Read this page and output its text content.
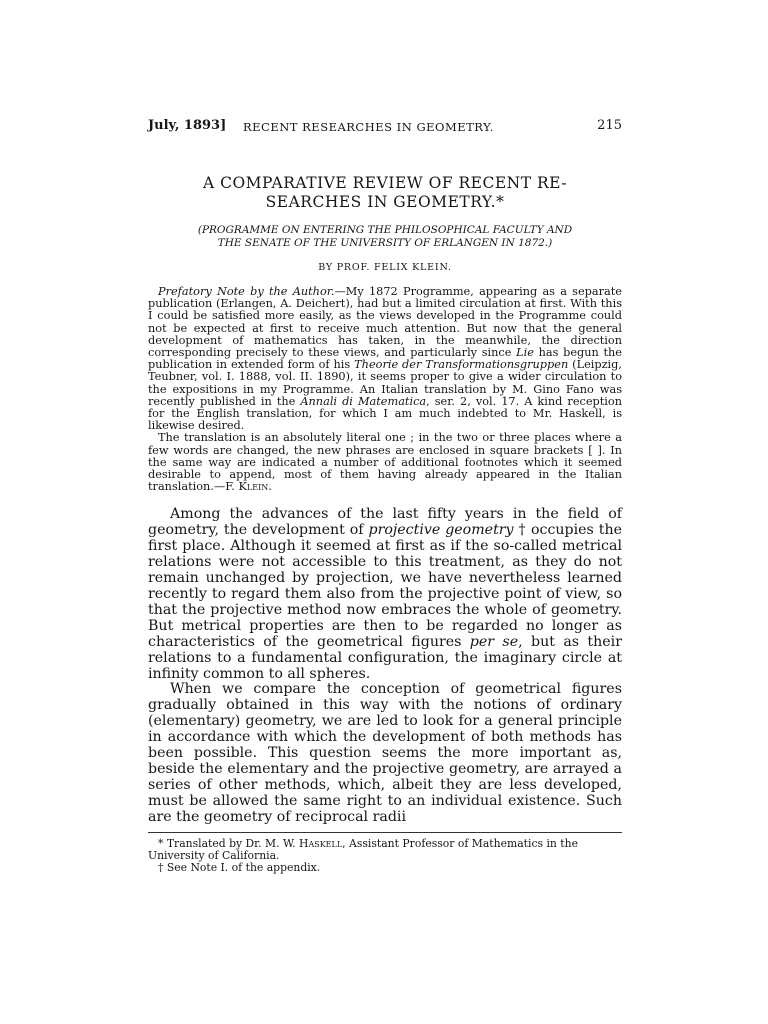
July, 1893] RECENT RESEARCHES IN GEOMETRY.	215
A COMPARATIVE REVIEW OF RECENT RE-
SEARCHES IN GEOMETRY.*
(PROGRAMME ON ENTERING THE PHILOSOPHICAL FACULTY AND
THE SENATE OF THE UNIVERSITY OF ERLANGEN IN 1872.)
BY PROF. FELIX KLEIN.

Prefatory Note by the Author.—My 1872 Programme, appearing as a separate publication (Erlangen, A. Deichert), had but a limited circulation at first. With this I could be satisfied more easily, as the views developed in the Programme could not be expected at first to receive much attention. But now that the general development of mathematics has taken, in the meanwhile, the direction corresponding precisely to these views, and particularly since Lie has begun the publication in extended form of his Theorie der Transformationsgruppen (Leipzig, Teubner, vol. I. 1888, vol. II. 1890), it seems proper to give a wider circulation to the expositions in my Programme. An Italian translation by M. Gino Fano was recently published in the Annali di Matematica, ser. 2, vol. 17. A kind reception for the English translation, for which I am much indebted to Mr. Haskell, is likewise desired.

The translation is an absolutely literal one ; in the two or three places where a few words are changed, the new phrases are enclosed in square brackets [ ]. In the same way are indicated a number of additional footnotes which it seemed desirable to append, most of them having already appeared in the Italian translation.—F. Klein.

Among the advances of the last fifty years in the field of geometry, the development of projective geometry † occupies the first place. Although it seemed at first as if the so-called metrical relations were not accessible to this treatment, as they do not remain unchanged by projection, we have nevertheless learned recently to regard them also from the projective point of view, so that the projective method now embraces the whole of geometry. But metrical properties are then to be regarded no longer as characteristics of the geometrical figures per se, but as their relations to a fundamental configuration, the imaginary circle at infinity common to all spheres.

When we compare the conception of geometrical figures gradually obtained in this way with the notions of ordinary (elementary) geometry, we are led to look for a general principle in accordance with which the development of both methods has been possible. This question seems the more important as, beside the elementary and the projective geometry, are arrayed a series of other methods, which, albeit they are less developed, must be allowed the same right to an individual existence. Such are the geometry of reciprocal radii

* Translated by Dr. M. W. Haskell, Assistant Professor of Mathematics in the University of California.

† See Note I. of the appendix.
